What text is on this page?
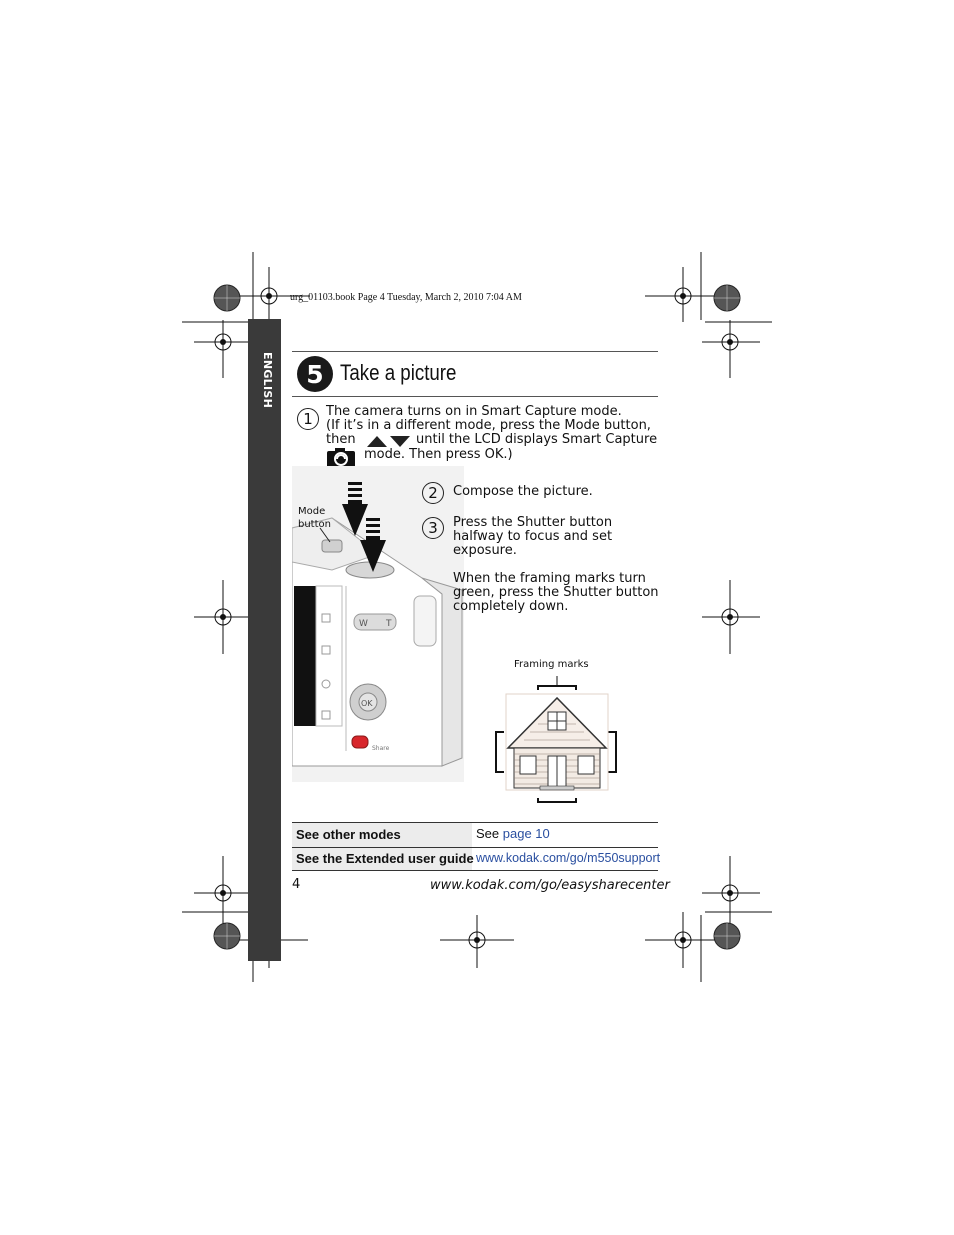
urg_01103.book Page 4 Tuesday, March 2, 2010 7:04 AM
ENGLISH	5 Take a picture
1	The camera turns on in Smart Capture mode.
(If it’s in a different mode, press the Mode button,
then	until the LCD displays Smart Capture
mode. Then press OK.)
W T
OK
Share
Mode
button
2	Compose the picture.
3	Press the Shutter button
halfway to focus and set
exposure.
When the framing marks turn
green, press the Shutter button
completely down.
Framing marks
See other modes	See page 10
See the Extended user guide www.kodak.com/go/m550support
4	www.kodak.com/go/easysharecenter
